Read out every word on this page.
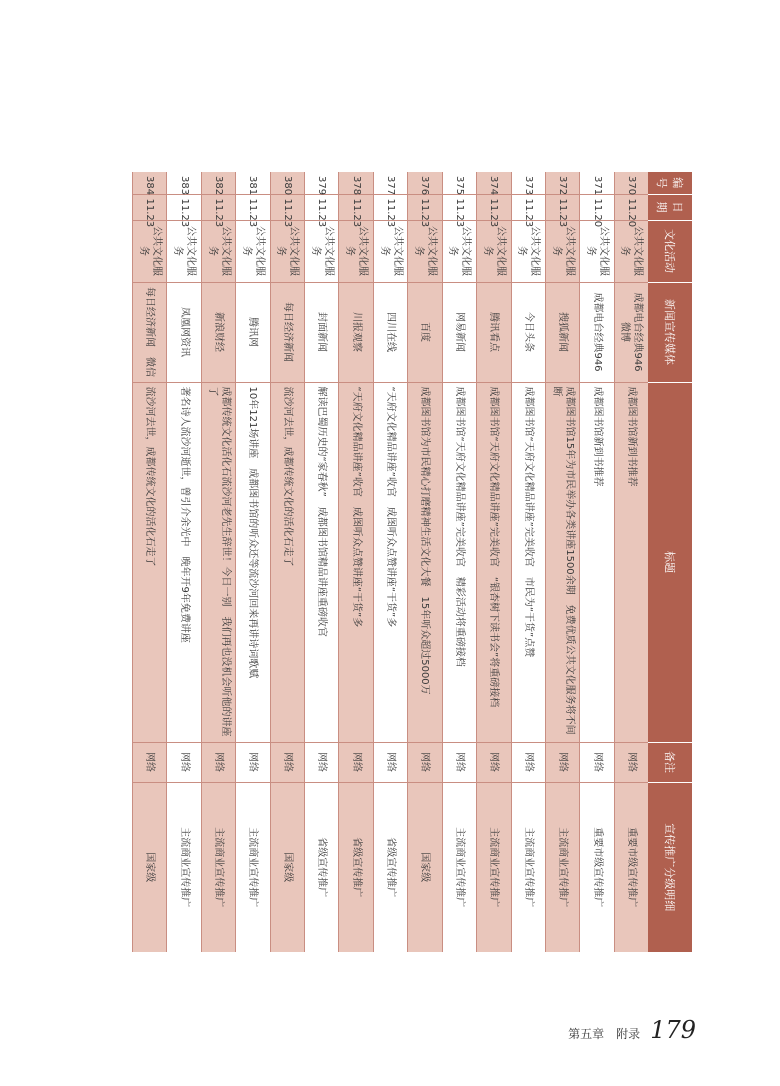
编号	日期	文化活动	新闻宣传媒体	标题	备注	宣传推广分级明细
370	11.20	公共文化服务	成都电台经典946　微博	成都图书馆新到书推荐	网络	重要市级宣传推广
371	11.20	公共文化服务	成都电台经典946	成都图书馆新到书推荐	网络	重要市级宣传推广
372	11.23	公共文化服务	搜狐新闻	成都图书馆15年为市民举办各类讲座1500余期　免费优质公共文化服务将不间断	网络	主流商业宣传推广
373	11.23	公共文化服务	今日头条	成都图书馆“天府文化精品讲座”完美收官　市民为“干货”点赞	网络	主流商业宣传推广
374	11.23	公共文化服务	腾讯看点	成都图书馆“天府文化精品讲座”完美收官　“银杏树下读书会”将重磅接档	网络	主流商业宣传推广
375	11.23	公共文化服务	网易新闻	成都图书馆“天府文化精品讲座”完美收官　精彩活动将重磅接档	网络	主流商业宣传推广
376	11.23	公共文化服务	百度	成都图书馆为市民精心打磨精神生活文化大餐　15年听众超过5000万	网络	国家级
377	11.23	公共文化服务	四川在线	“天府文化精品讲座”收官　成图听众点赞讲座“干货”多	网络	省级宣传推广
378	11.23	公共文化服务	川报观察	“天府文化精品讲座”收官　成图听众点赞讲座“干货”多	网络	省级宣传推广
379	11.23	公共文化服务	封面新闻	解读巴蜀历史的“家春秋”　成都图书馆精品讲座重磅收官	网络	省级宣传推广
380	11.23	公共文化服务	每日经济新闻	流沙河去世，成都传统文化的活化石走了	网络	国家级
381	11.23	公共文化服务	腾讯网	10年121场讲座　成都图书馆的听众还等流沙河回来再讲诗词歌赋	网络	主流商业宣传推广
382	11.23	公共文化服务	新浪财经	成都传统文化活化石流沙河老先生辞世！今日一别　我们再也没机会听他的讲座了	网络	主流商业宣传推广
383	11.23	公共文化服务	凤凰网资讯	著名诗人流沙河逝世，曾引介余光中　晚年开9年免费讲座	网络	主流商业宣传推广
384	11.23	公共文化服务	每日经济新闻　微信	流沙河去世，成都传统文化的活化石走了	网络	国家级
第五章　附录 179
